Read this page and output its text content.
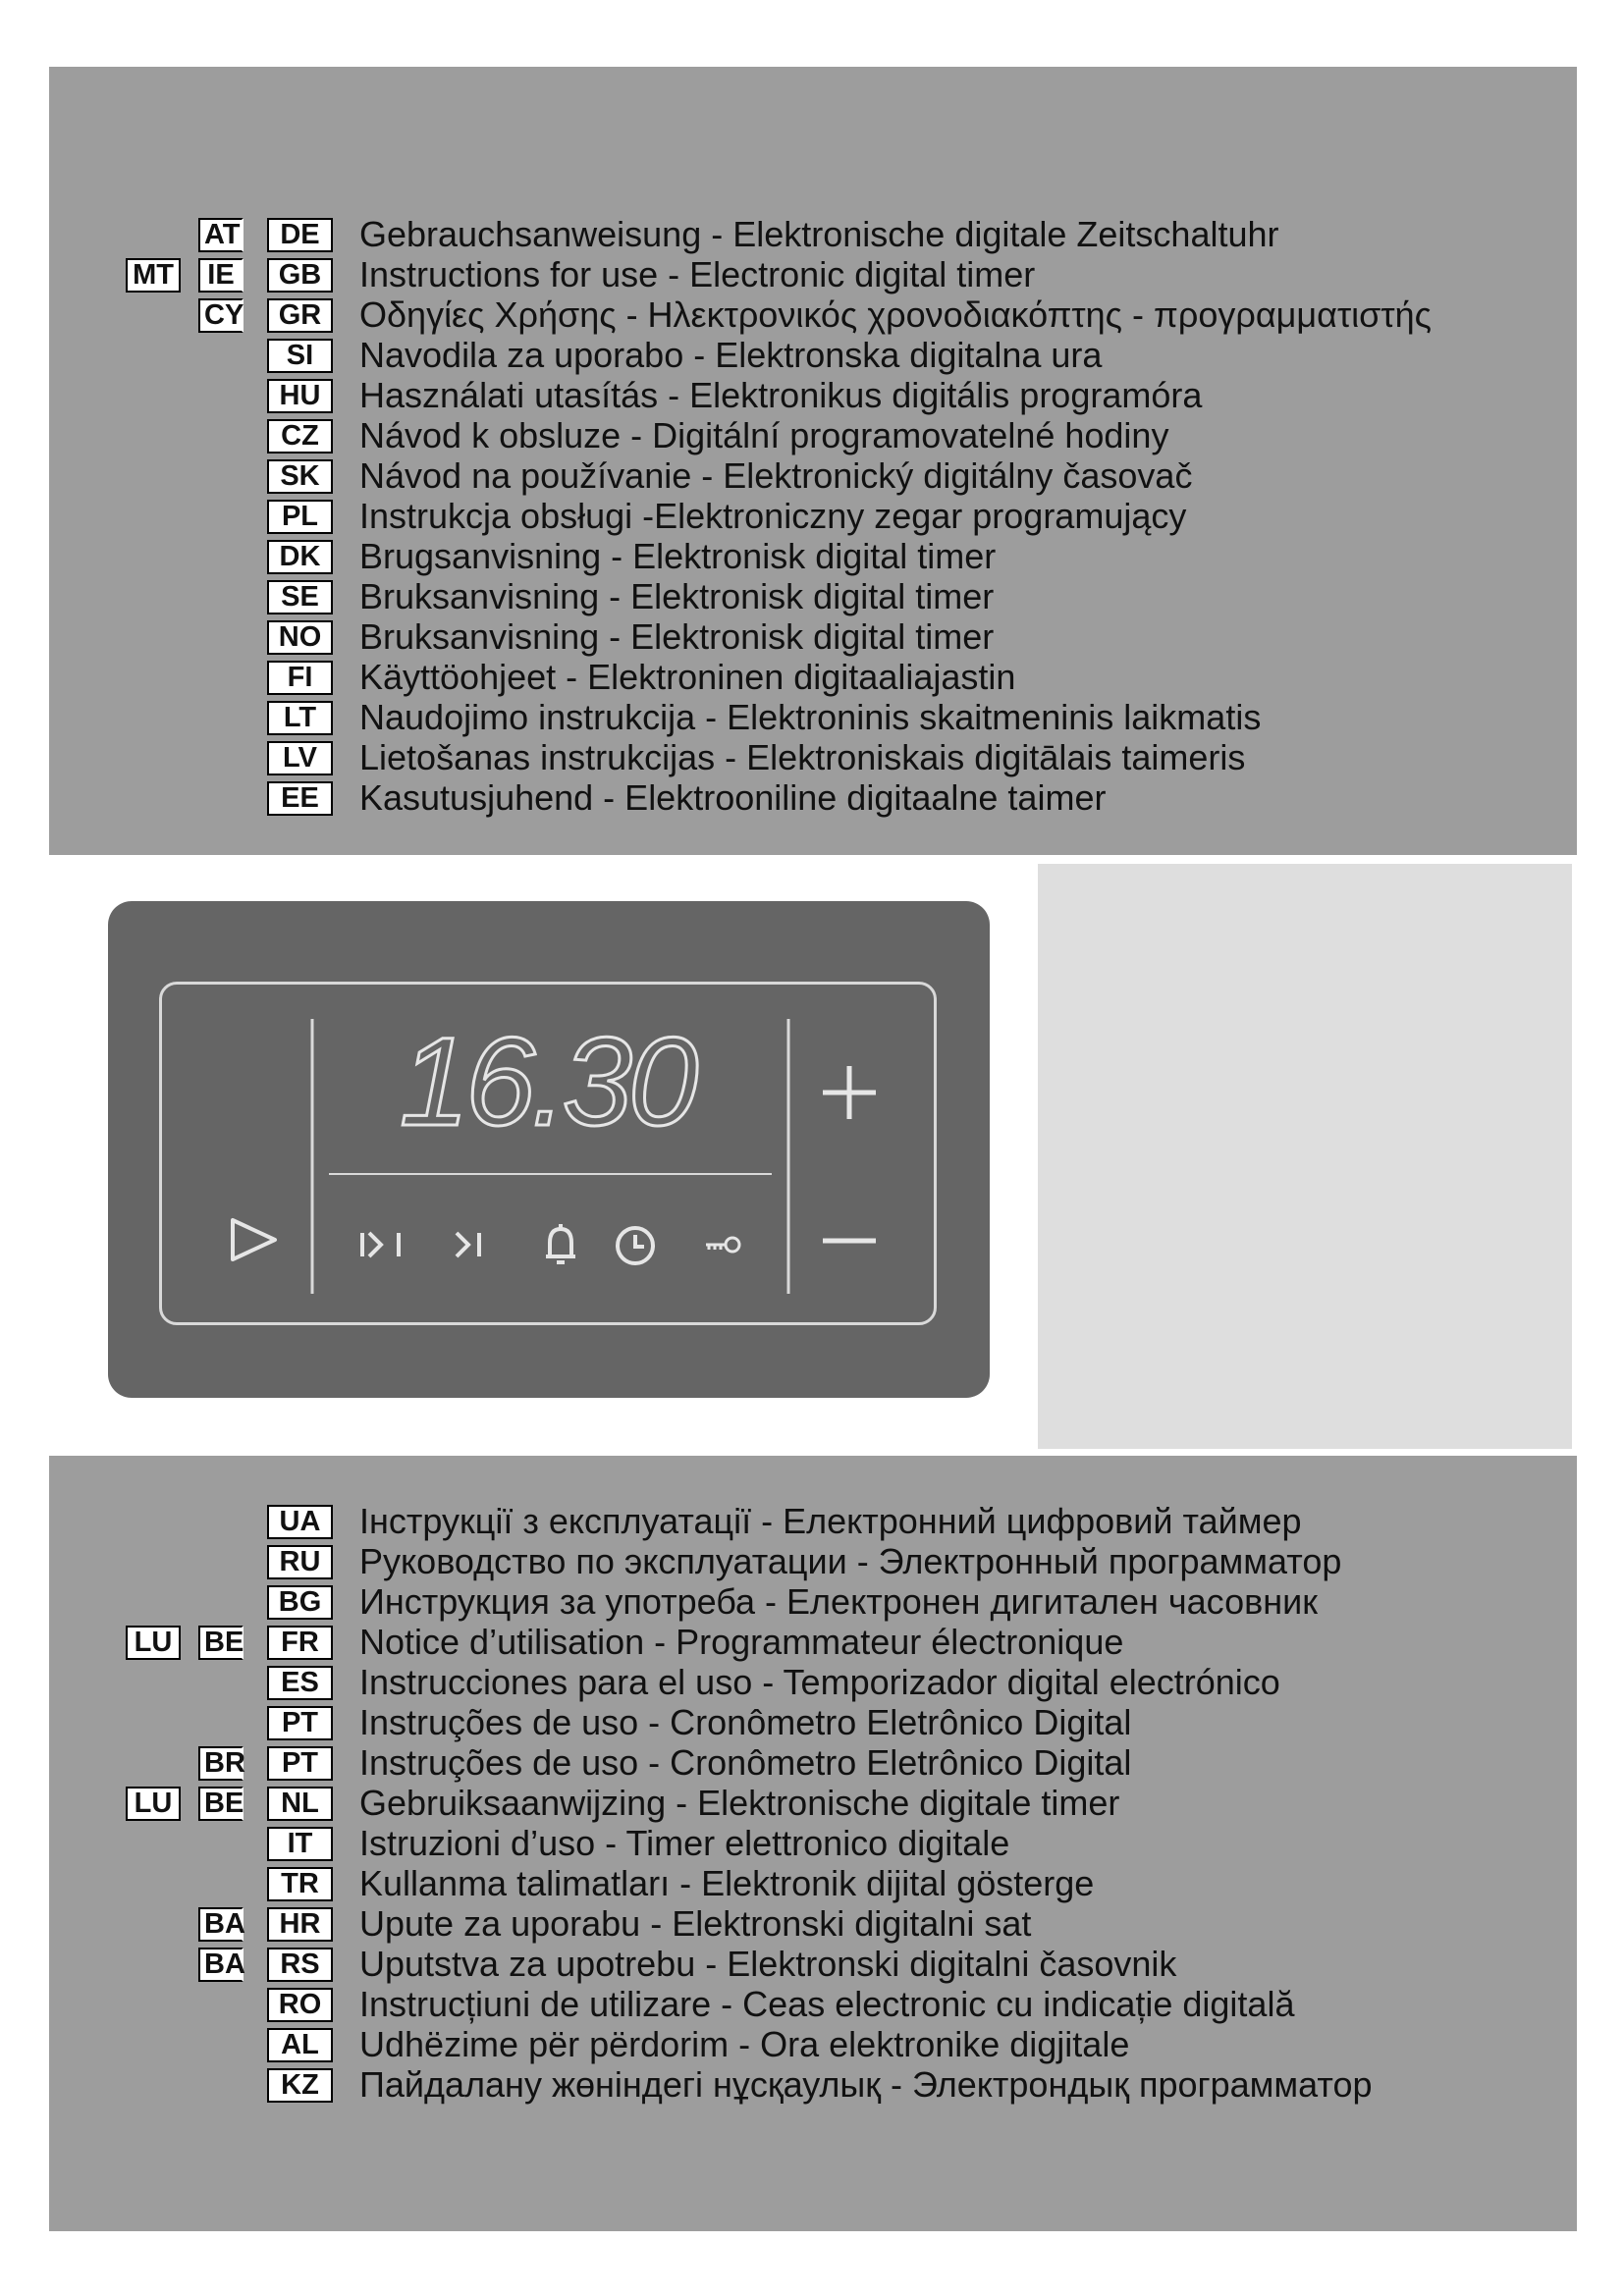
AT	DE	Gebrauchsanweisung - Elektronische digitale Zeitschaltuhr
MT	IE	GB	Instructions for use - Electronic digital timer
CY	GR	Οδηγίες Χρήσης - Ηλεκτρονικός χρονοδιακόπτης - προγραμματιστής
SI	Navodila za uporabo - Elektronska digitalna ura
HU	Használati utasítás - Elektronikus digitális programóra
CZ	Návod k obsluze - Digitální programovatelné hodiny
SK	Návod na používanie - Elektronický digitálny časovač
PL	Instrukcja obsługi -Elektroniczny zegar programujący
DK	Brugsanvisning - Elektronisk digital timer
SE	Bruksanvisning - Elektronisk digital timer
NO	Bruksanvisning - Elektronisk digital timer
FI	Käyttöohjeet - Elektroninen digitaaliajastin
LT	Naudojimo instrukcija - Elektroninis skaitmeninis laikmatis
LV	Lietošanas instrukcijas - Elektroniskais digitālais taimeris
EE	Kasutusjuhend - Elektrooniline digitaalne taimer
16.30
UA	Інструкції з експлуатації - Електронний цифровий таймер
RU	Руководство по эксплуатации - Электронный программатор
BG	Инструкция за употреба - Електронен дигитален часовник
LU BE	FR	Notice d’utilisation - Programmateur électronique
ES	Instrucciones para el uso - Temporizador digital electrónico
PT	Instruções de uso - Cronômetro Eletrônico Digital
BR	PT	Instruções de uso - Cronômetro Eletrônico Digital
LU BE	NL	Gebruiksaanwijzing - Elektronische digitale timer
IT	Istruzioni d’uso - Timer elettronico digitale
TR	Kullanma talimatları - Elektronik dijital gösterge
BA	HR	Upute za uporabu - Elektronski digitalni sat
BA	RS	Uputstva za upotrebu - Elektronski digitalni časovnik
RO	Instrucțiuni de utilizare - Ceas electronic cu indicație digitală
AL	Udhëzime për përdorim - Ora elektronike digjitale
KZ	Пайдалану жөніндегі нұсқаулық - Электрондық программатор
